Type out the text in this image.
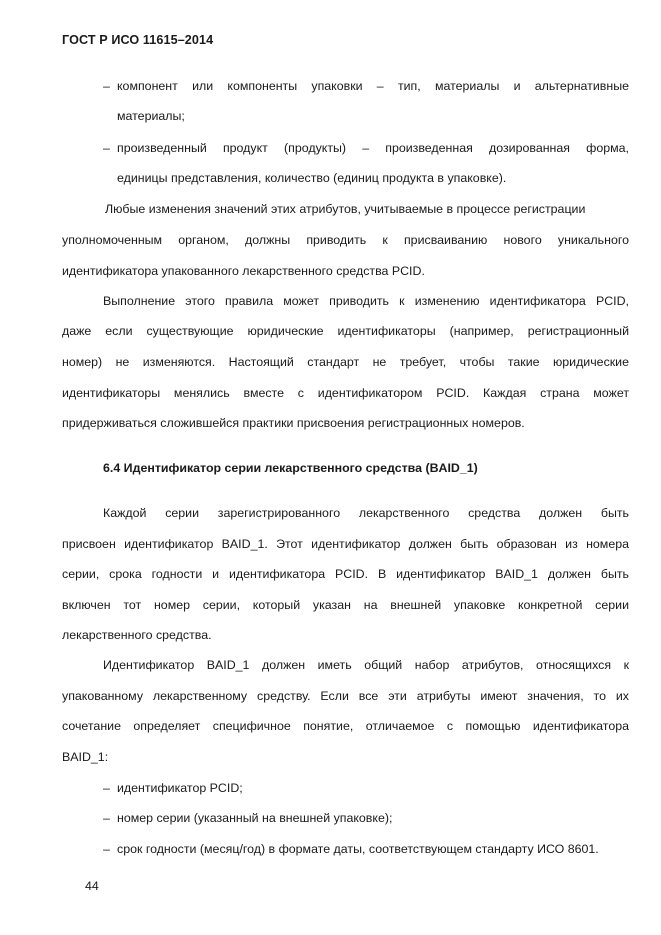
ГОСТ Р ИСО 11615–2014
– компонент или компоненты упаковки – тип, материалы и альтернативные
материалы;
– произведенный продукт (продукты) – произведенная дозированная форма,
единицы представления, количество (единиц продукта в упаковке).
Любые изменения значений этих атрибутов, учитываемые в процессе регистрации
уполномоченным органом, должны приводить к присваиванию нового уникального
идентификатора упакованного лекарственного средства PCID.
Выполнение этого правила может приводить к изменению идентификатора PCID,
даже если существующие юридические идентификаторы (например, регистрационный
номер) не изменяются. Настоящий стандарт не требует, чтобы такие юридические
идентификаторы менялись вместе с идентификатором PCID. Каждая страна может
придерживаться сложившейся практики присвоения регистрационных номеров.
6.4 Идентификатор серии лекарственного средства (BAID_1)
Каждой серии зарегистрированного лекарственного средства должен быть
присвоен идентификатор BAID_1. Этот идентификатор должен быть образован из номера
серии, срока годности и идентификатора PCID. В идентификатор BAID_1 должен быть
включен тот номер серии, который указан на внешней упаковке конкретной серии
лекарственного средства.
Идентификатор BAID_1 должен иметь общий набор атрибутов, относящихся к
упакованному лекарственному средству. Если все эти атрибуты имеют значения, то их
сочетание определяет специфичное понятие, отличаемое с помощью идентификатора
BAID_1:
– идентификатор PCID;
– номер серии (указанный на внешней упаковке);
– срок годности (месяц/год) в формате даты, соответствующем стандарту ИСО 8601.
44
